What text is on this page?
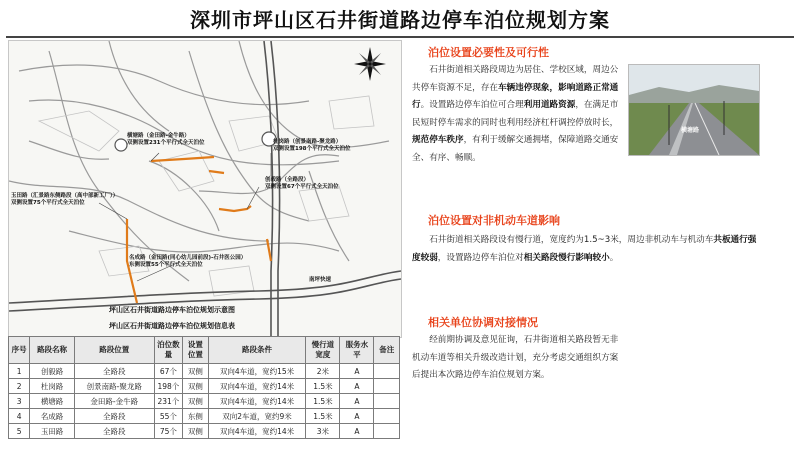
深圳市坪山区石井街道路边停车泊位规划方案
横塘路（金田路-金牛路）
双侧设置231个平行式全天泊位	杜岗路（创景南路-聚龙路）
双侧设置198个平行式全天泊位
创毅路（全路段）
双侧设置67个平行式全天泊位
玉田路（汇景路东侧路段（高中部新工厂））
双侧设置75个平行式全天泊位
名成路（金田路(同心幼儿园前段)-石井医公园）
东侧设置55个平行式全天泊位
南坪快速
坪山区石井街道路边停车泊位规划示意图
坪山区石井街道路边停车泊位规划信息表
序号	路段名称	路段位置	泊位数量	设置位置	路段条件	慢行道宽度	服务水平	备注
1	创毅路	全路段	67个	双侧	双向4车道，宽约15米	2米	A	
2	杜岗路	创景南路-聚龙路	198个	双侧	双向4车道，宽约14米	1.5米	A	
3	横塘路	金田路-金牛路	231个	双侧	双向4车道，宽约14米	1.5米	A	
4	名成路	全路段	55个	东侧	双向2车道，宽约9米	1.5米	A	
5	玉田路	全路段	75个	双侧	双向4车道，宽约14米	3米	A	
泊位设置必要性及可行性
石井街道相关路段周边为居住、学校区域，周边公共停车资源不足，存在车辆违停现象，影响道路正常通行。设置路边停车泊位可合理利用道路资源，在满足市民短时停车需求的同时也利用经济杠杆调控停放时长，规范停车秩序，有利于缓解交通拥堵，保障道路交通安全、有序、畅顺。
泊位设置对非机动车道影响
石井街道相关路段设有慢行道，宽度约为1.5~3米，周边非机动车与机动车共板通行强度较弱，设置路边停车泊位对相关路段慢行影响较小。
相关单位协调对接情况
经前期协调及意见征询，石井街道相关路段暂无非机动车道等相关升级改造计划，充分考虑交通组织方案后提出本次路边停车泊位规划方案。
横塘路
